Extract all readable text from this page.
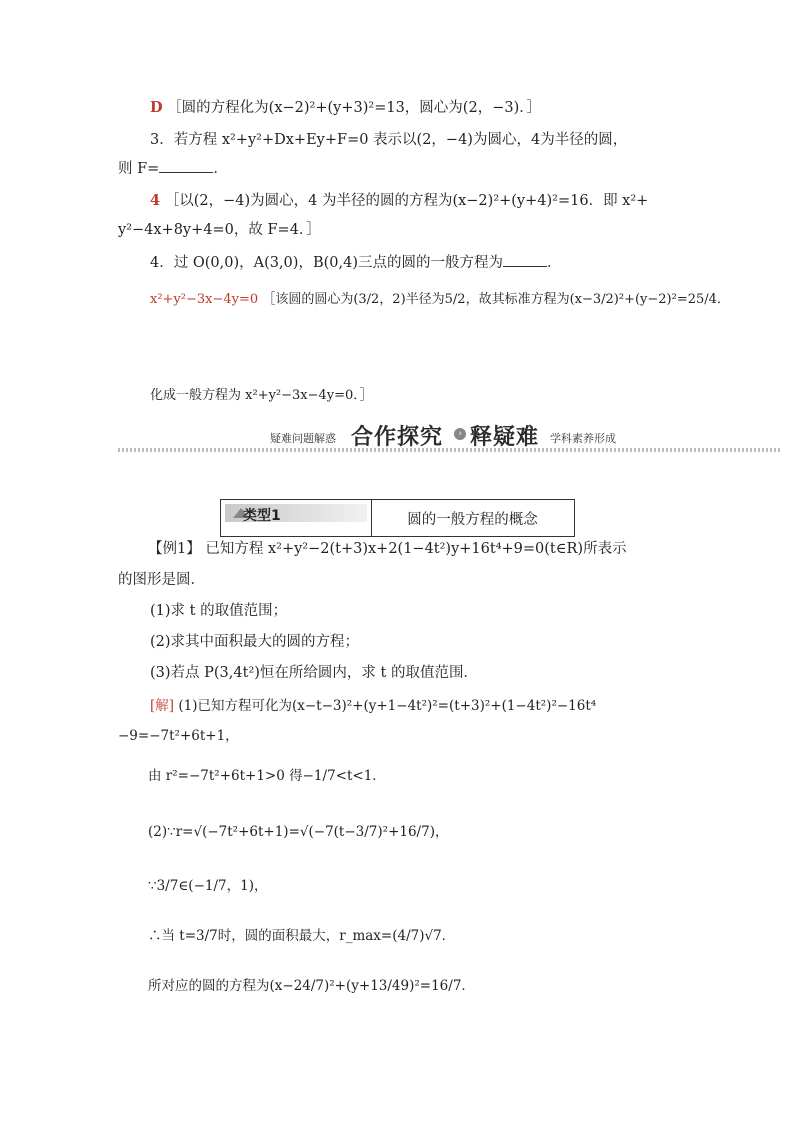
D ［圆的方程化为(x−2)²+(y+3)²=13，圆心为(2，−3)．］
3．若方程 x²+y²+Dx+Ey+F=0 表示以(2，−4)为圆心，4为半径的圆，
则 F=	．
4 ［以(2，−4)为圆心，4 为半径的圆的方程为(x−2)²+(y+4)²=16．即 x²+
y²−4x+8y+4=0，故 F=4．］
4．过 O(0,0)，A(3,0)，B(0,4)三点的圆的一般方程为	．
x²+y²−3x−4y=0 ［该圆的圆心为(3/2，2)半径为5/2，故其标准方程为(x−3/2)²+(y−2)²=25/4．
化成一般方程为 x²+y²−3x−4y=0．］
疑难问题解惑 合作探究	› 释疑难 学科素养形成
类型1	圆的一般方程的概念
【例1】 已知方程 x²+y²−2(t+3)x+2(1−4t²)y+16t⁴+9=0(t∈R)所表示
的图形是圆．
(1)求 t 的取值范围；
(2)求其中面积最大的圆的方程；
(3)若点 P(3,4t²)恒在所给圆内，求 t 的取值范围．
[解] (1)已知方程可化为(x−t−3)²+(y+1−4t²)²=(t+3)²+(1−4t²)²−16t⁴
−9=−7t²+6t+1，
由 r²=−7t²+6t+1>0 得−1/7<t<1．
(2)∵r=√(−7t²+6t+1)=√(−7(t−3/7)²+16/7)，
∵3/7∈(−1/7，1)，
∴当 t=3/7时，圆的面积最大，r_max=(4/7)√7．
所对应的圆的方程为(x−24/7)²+(y+13/49)²=16/7．
